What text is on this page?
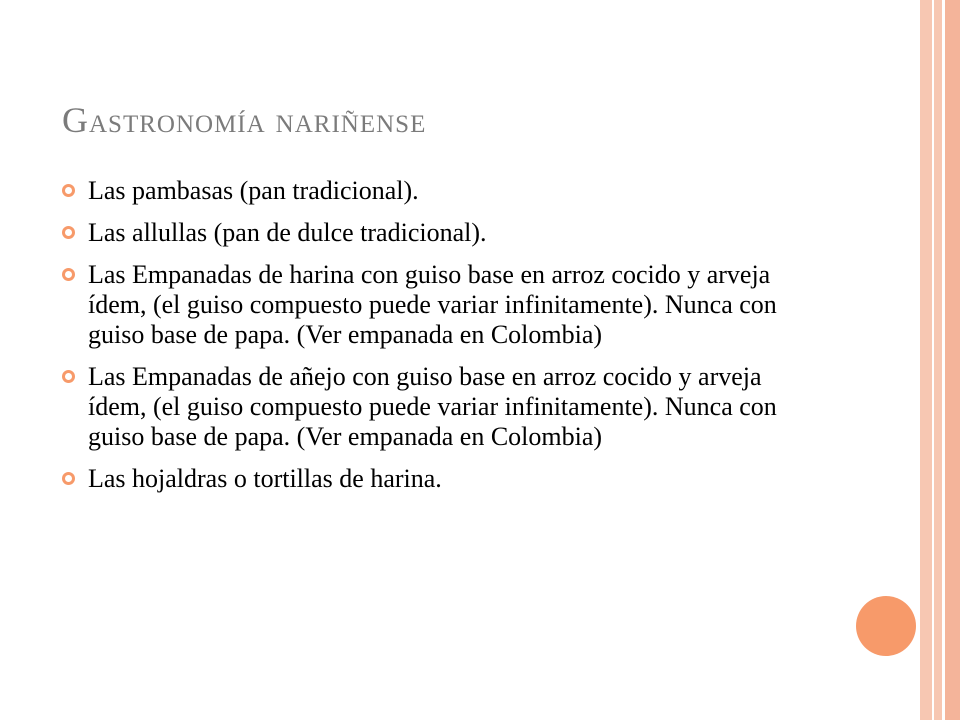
Gastronomía nariñense
Las pambasas (pan tradicional).
Las allullas (pan de dulce tradicional).
Las Empanadas de harina con guiso base en arroz cocido y arveja ídem, (el guiso compuesto puede variar infinitamente). Nunca con guiso base de papa. (Ver empanada en Colombia)
Las Empanadas de añejo con guiso base en arroz cocido y arveja ídem, (el guiso compuesto puede variar infinitamente). Nunca con guiso base de papa. (Ver empanada en Colombia)
Las hojaldras o tortillas de harina.
